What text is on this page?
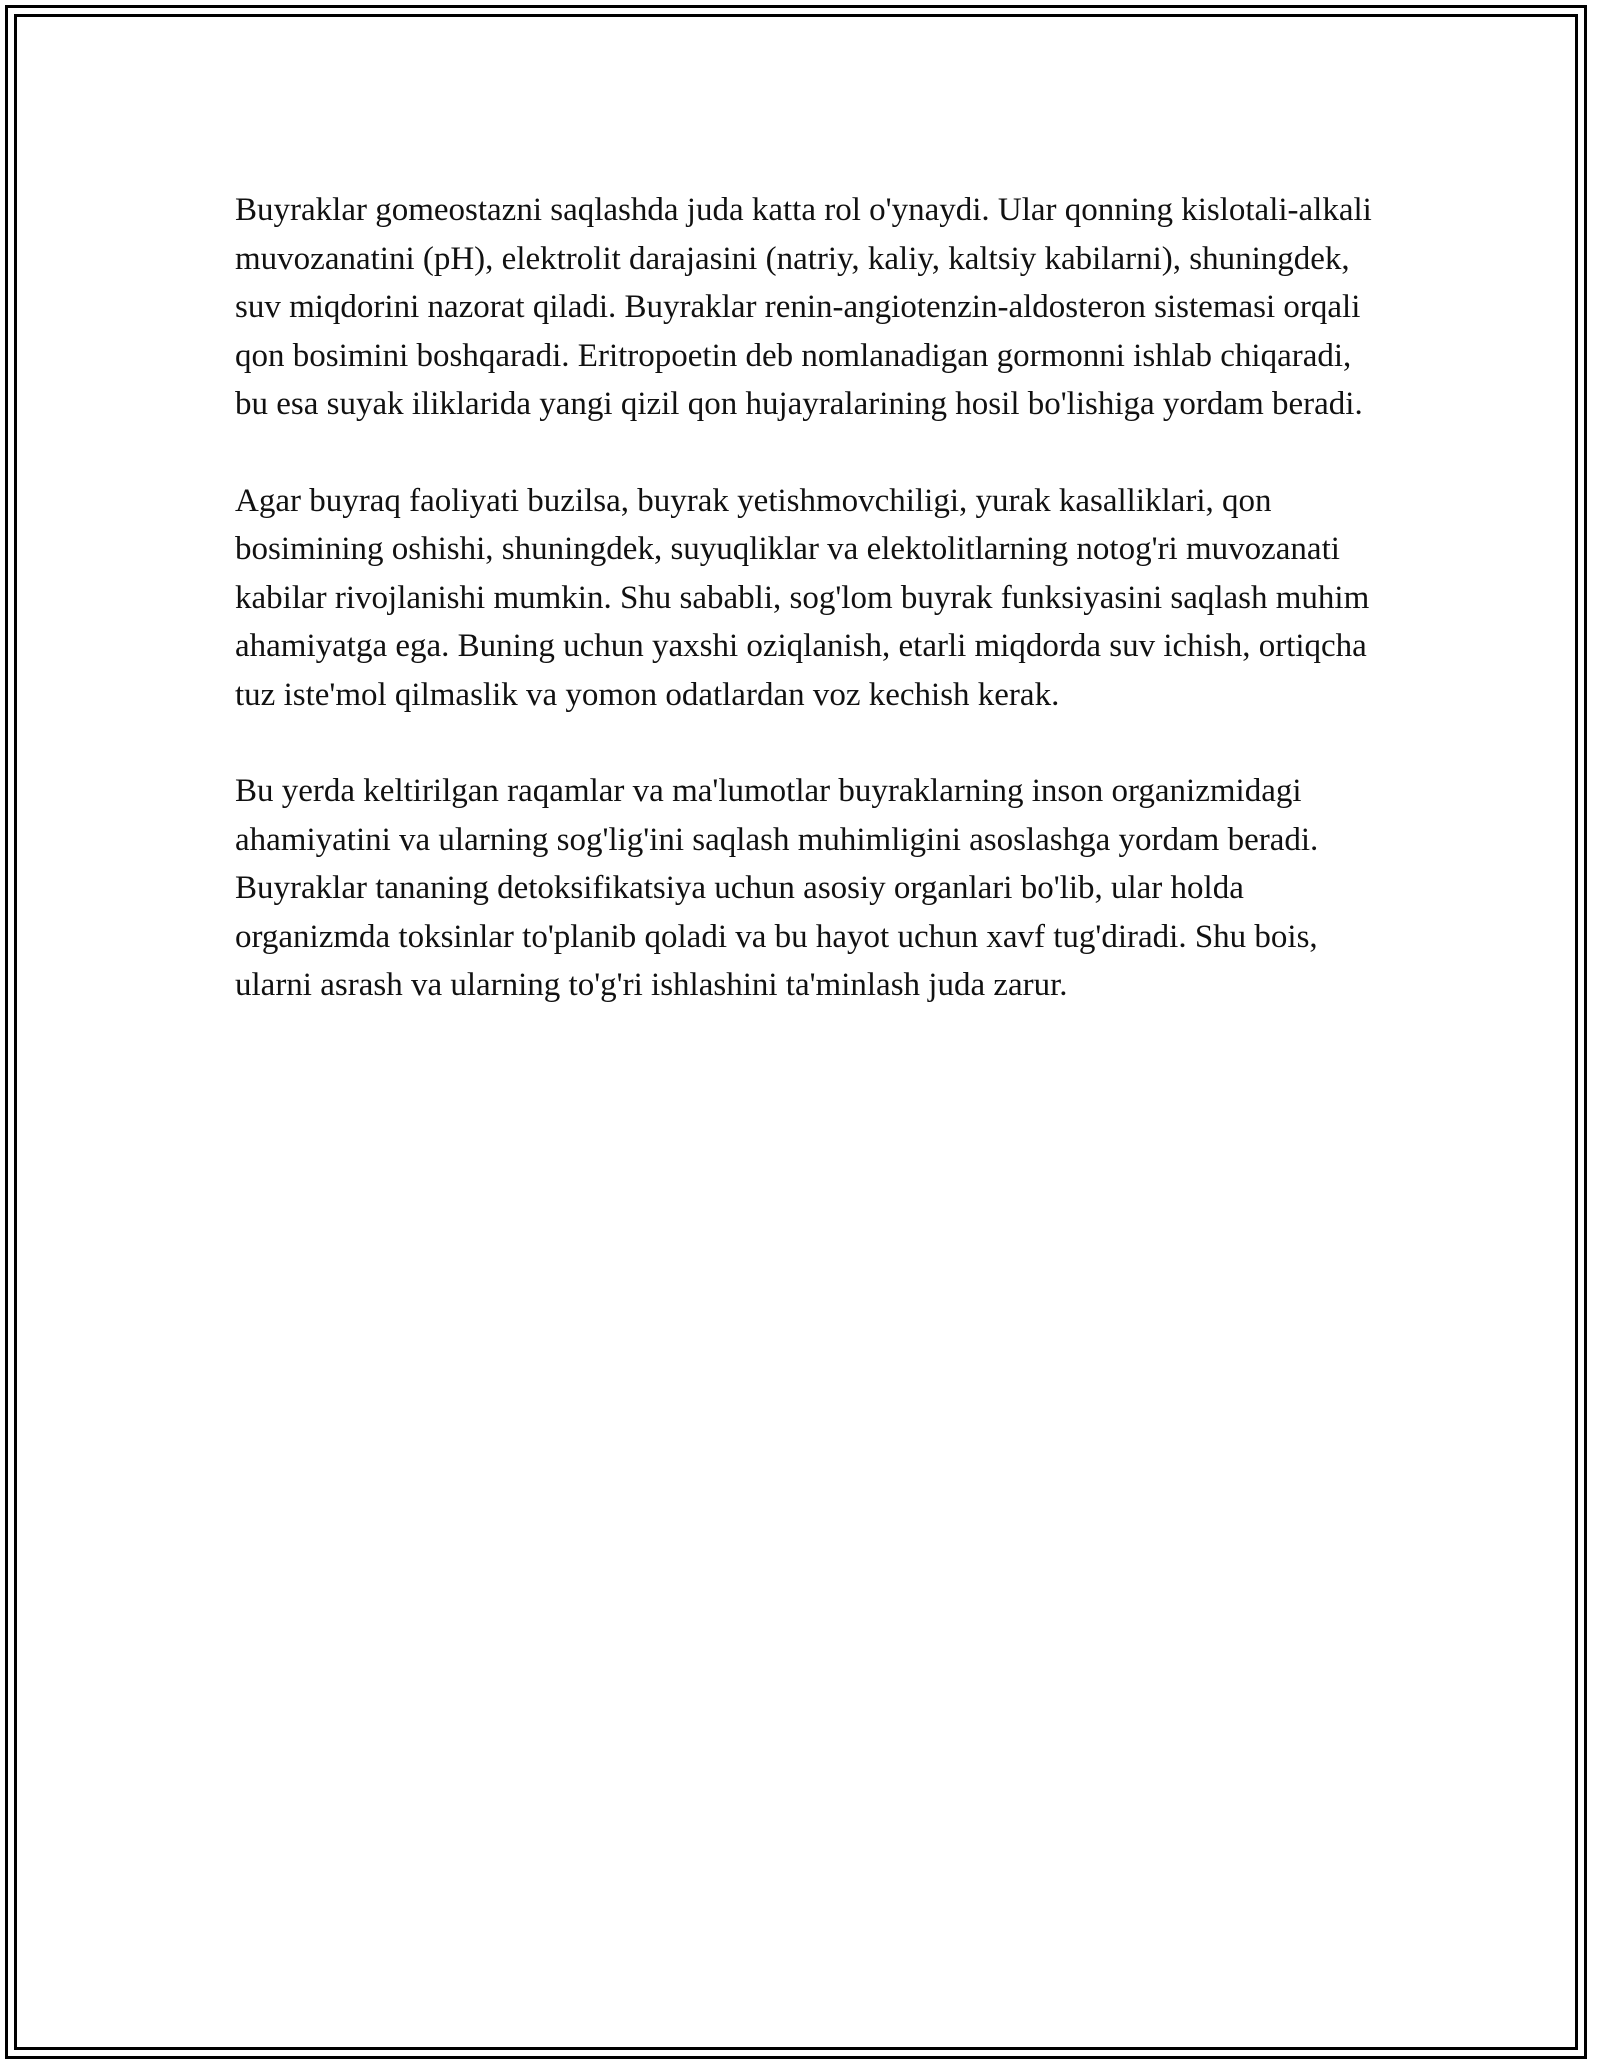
Buyraklar gomeostazni saqlashda juda katta rol o'ynaydi. Ular qonning kislotali-alkali muvozanatini (pH), elektrolit darajasini (natriy, kaliy, kaltsiy kabilarni), shuningdek, suv miqdorini nazorat qiladi. Buyraklar renin-angiotenzin-aldosteron sistemasi orqali qon bosimini boshqaradi. Eritropoetin deb nomlanadigan gormonni ishlab chiqaradi, bu esa suyak iliklarida yangi qizil qon hujayralarining hosil bo'lishiga yordam beradi.

Agar buyraq faoliyati buzilsa, buyrak yetishmovchiligi, yurak kasalliklari, qon bosimining oshishi, shuningdek, suyuqliklar va elektolitlarning notog'ri muvozanati kabilar rivojlanishi mumkin. Shu sababli, sog'lom buyrak funksiyasini saqlash muhim ahamiyatga ega. Buning uchun yaxshi oziqlanish, etarli miqdorda suv ichish, ortiqcha tuz iste'mol qilmaslik va yomon odatlardan voz kechish kerak.

Bu yerda keltirilgan raqamlar va ma'lumotlar buyraklarning inson organizmidagi ahamiyatini va ularning sog'lig'ini saqlash muhimligini asoslashga yordam beradi. Buyraklar tananing detoksifikatsiya uchun asosiy organlari bo'lib, ular holda organizmda toksinlar to'planib qoladi va bu hayot uchun xavf tug'diradi. Shu bois, ularni asrash va ularning to'g'ri ishlashini ta'minlash juda zarur.
